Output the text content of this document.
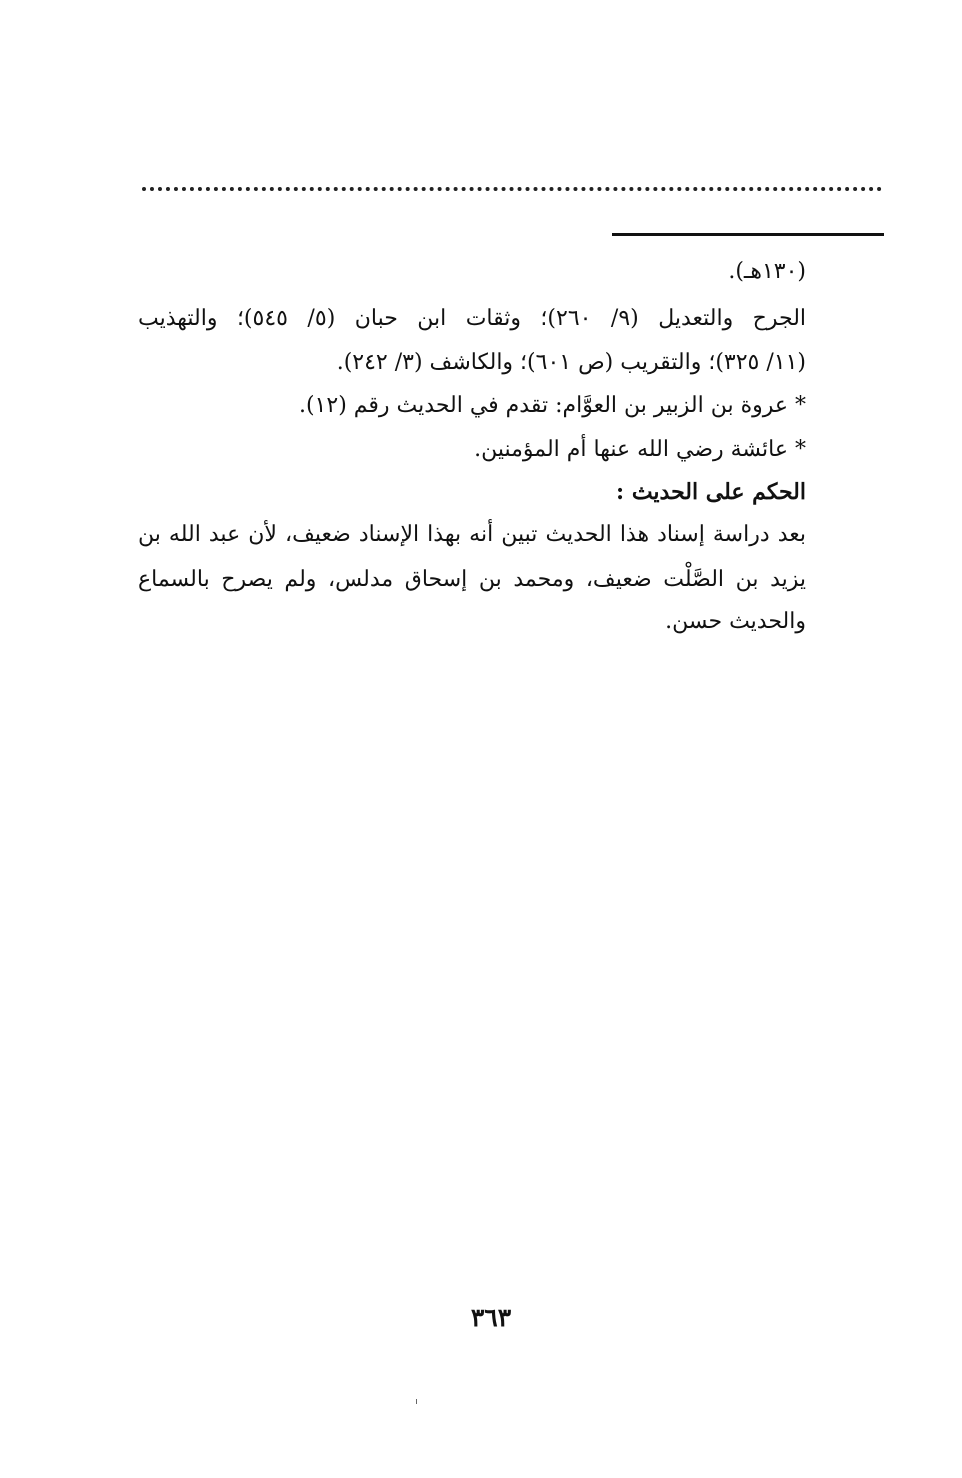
(١٣٠هـ).
الجرح والتعديل (٩/ ٢٦٠)؛ وثقات ابن حبان (٥/ ٥٤٥)؛ والتهذيب
(١١/ ٣٢٥)؛ والتقريب (ص ٦٠١)؛ والكاشف (٣/ ٢٤٢).
* عروة بن الزبير بن العوَّام: تقدم في الحديث رقم (١٢).
* عائشة رضي الله عنها أم المؤمنين.
الحكم على الحديث :
بعد دراسة إسناد هذا الحديث تبين أنه بهذا الإسناد ضعيف، لأن عبد الله بن
يزيد بن الصَّلْت ضعيف، ومحمد بن إسحاق مدلس، ولم يصرح بالسماع
والحديث حسن.
٣٦٣
